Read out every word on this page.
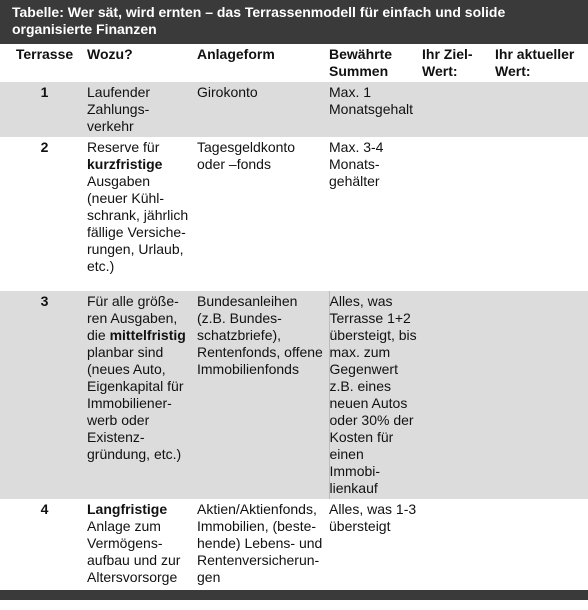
Tabelle: Wer sät, wird ernten – das Terrassenmodell für einfach und solide organisierte Finanzen
Terrasse	Wozu?	Anlageform	Bewährte Summen	Ihr Ziel-Wert:	Ihr aktueller Wert:
1	Laufender Zahlungs-verkehr	Girokonto	Max. 1 Monatsgehalt		
2	Reserve für kurzfristige Ausgaben (neuer Kühl-schrank, jährlich fällige Versiche-rungen, Urlaub, etc.)	Tagesgeldkonto oder –fonds	Max. 3-4 Monats-gehälter		
3	Für alle größe-ren Ausgaben, die mittelfristig planbar sind (neues Auto, Eigenkapital für Immobiliener-werb oder Existenz-gründung, etc.)	Bundesanleihen (z.B. Bundes-schatzbriefe), Rentenfonds, offene Immobilienfonds	Alles, was Terrasse 1+2 übersteigt, bis max. zum Gegenwert z.B. eines neuen Autos oder 30% der Kosten für einen Immobi-lienkauf		
4	Langfristige Anlage zum Vermögens-aufbau und zur Altersvorsorge	Aktien/Aktienfonds, Immobilien, (beste-hende) Lebens- und Rentenversicherun-gen	Alles, was 1-3 übersteigt		
